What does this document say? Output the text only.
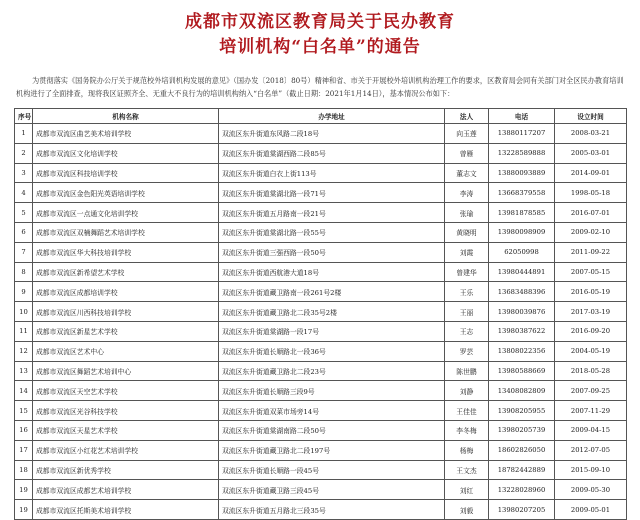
成都市双流区教育局关于民办教育
培训机构“白名单”的通告
为贯彻落实《国务院办公厅关于规范校外培训机构发展的意见》（国办发〔2018〕80号）精神和省、市关于开展校外培训机构治理工作的要求，区教育局会同有关部门对全区民办教育培训机构进行了全面排查，现将我区证照齐全、无重大不良行为的培训机构纳入“白名单”（截止日期：2021年1月14日），基本情况公布如下：
序号	机构名称	办学地址	法人	电话	设立时间
1	成都市双流区曲艺美术培训学校	双流区东升街道东风路二段18号	向玉莲	13880117207	2008-03-21
2	成都市双流区文化培训学校	双流区东升街道棠湖西路二段85号	曾雁	13228589888	2005-03-01
3	成都市双流区科技培训学校	双流区东升街道白衣上街113号	董志文	13880093889	2014-09-01
4	成都市双流区金色阳光英语培训学校	双流区东升街道棠湖北路一段71号	李涛	13668379558	1998-05-18
5	成都市双流区一点通文化培训学校	双流区东升街道五月路南一段21号	张瑜	13981878585	2016-07-01
6	成都市双流区双楠舞蹈艺术培训学校	双流区东升街道棠湖北路一段55号	黄晓明	13980098909	2009-02-10
7	成都市双流区华大科技培训学校	双流区东升街道三强西路一段50号	刘霞	62050998	2011-09-22
8	成都市双流区新希望艺术学校	双流区东升街道西航港大道18号	曾建华	13980444891	2007-05-15
9	成都市双流区成都培训学校	双流区东升街道藏卫路南一段261号2楼	王乐	13683488396	2016-05-19
10	成都市双流区川西科技培训学校	双流区东升街道藏卫路北二段35号2楼	王丽	13980039876	2017-03-19
11	成都市双流区新星艺术学校	双流区东升街道棠湖路一段17号	王志	13980387622	2016-09-20
12	成都市双流区艺术中心	双流区东升街道长顺路北一段36号	罗芸	13808022356	2004-05-19
13	成都市双流区舞蹈艺术培训中心	双流区东升街道藏卫路北二段23号	陈世鹏	13980588669	2018-05-28
14	成都市双流区天空艺术学校	双流区东升街道长顺路三段9号	刘静	13408082809	2007-09-25
15	成都市双流区光谷科技学校	双流区东升街道双菜市场旁14号	王佳佳	13908205955	2007-11-29
16	成都市双流区天星艺术学校	双流区东升街道棠湖南路二段50号	李冬梅	13980205739	2009-04-15
17	成都市双流区小红花艺术培训学校	双流区东升街道藏卫路北二段197号	杨梅	18602826050	2012-07-05
18	成都市双流区新优秀学校	双流区东升街道长顺路一段45号	王文杰	18782442889	2015-09-10
19	成都市双流区成都艺术培训学校	双流区东升街道藏卫路三段45号	刘红	13228028960	2009-05-30
19	成都市双流区托斯美术培训学校	双流区东升街道五月路北三段35号	刘毅	13980207205	2009-05-01
